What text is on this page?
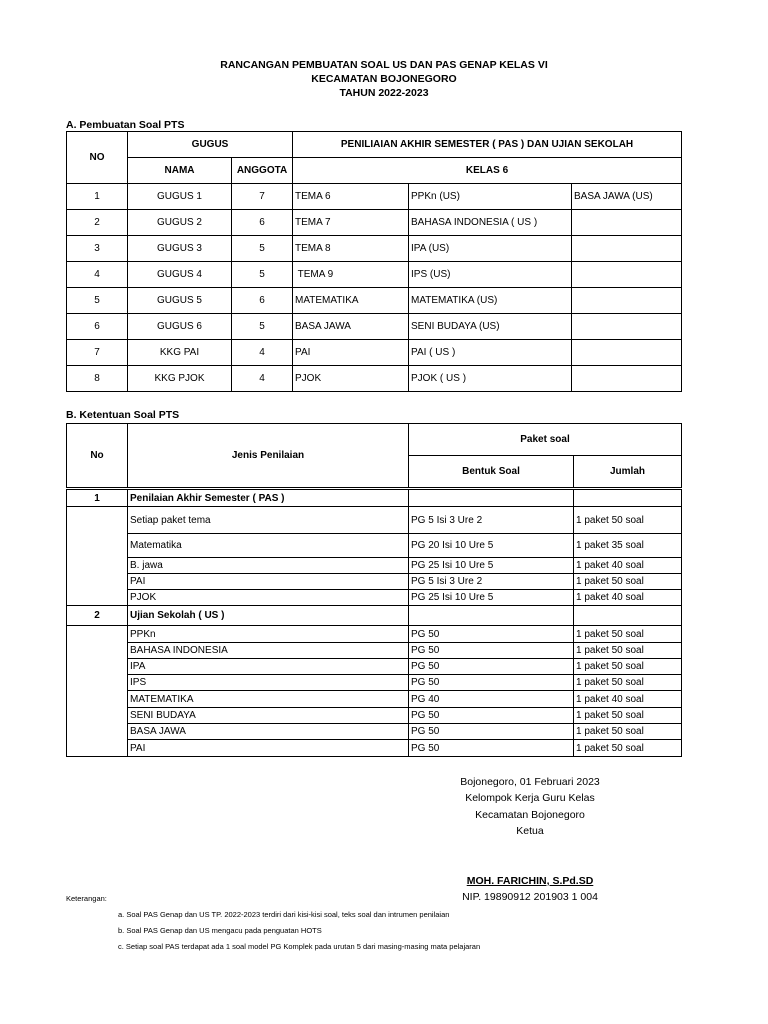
RANCANGAN PEMBUATAN SOAL US DAN PAS GENAP KELAS VI
KECAMATAN BOJONEGORO
TAHUN 2022-2023
A. Pembuatan Soal PTS
NO	GUGUS		PENILIAIAN AKHIR SEMESTER ( PAS ) DAN UJIAN SEKOLAH		
	NAMA	ANGGOTA	KELAS 6		
1	GUGUS 1	7	TEMA 6	PPKn (US)	BASA JAWA (US)
2	GUGUS 2	6	TEMA 7	BAHASA INDONESIA ( US )	
3	GUGUS 3	5	TEMA 8	IPA (US)	
4	GUGUS 4	5	TEMA 9	IPS (US)	
5	GUGUS 5	6	MATEMATIKA	MATEMATIKA (US)	
6	GUGUS 6	5	BASA JAWA	SENI BUDAYA (US)	
7	KKG PAI	4	PAI	PAI ( US )	
8	KKG PJOK	4	PJOK	PJOK ( US )	
B. Ketentuan Soal PTS
No	Jenis Penilaian	Paket soal	
		Bentuk Soal	Jumlah

1	Penilaian Akhir Semester ( PAS )		
	Setiap paket tema	PG 5 Isi 3 Ure 2	1 paket 50 soal
	Matematika	PG 20 Isi 10 Ure 5	1 paket 35 soal
	B. jawa	PG 25 Isi 10 Ure 5	1 paket 40 soal
	PAI	PG 5 Isi 3 Ure 2	1 paket 50 soal
	PJOK	PG 25 Isi 10 Ure 5	1 paket 40 soal
2	Ujian Sekolah ( US )		
	PPKn	PG 50	1 paket 50 soal
	BAHASA INDONESIA	PG 50	1 paket 50 soal
	IPA	PG 50	1 paket 50 soal
	IPS	PG 50	1 paket 50 soal
	MATEMATIKA	PG 40	1 paket 40 soal
	SENI BUDAYA	PG 50	1 paket 50 soal
	BASA JAWA	PG 50	1 paket 50 soal
	PAI	PG 50	1 paket 50 soal
Bojonegoro, 01 Februari 2023
Kelompok Kerja Guru Kelas
Kecamatan Bojonegoro
Ketua
MOH. FARICHIN, S.Pd.SD
NIP. 19890912 201903 1 004
Keterangan:
a. Soal PAS Genap dan US TP. 2022-2023 terdiri dari kisi-kisi soal, teks soal dan intrumen penilaian
b. Soal PAS Genap dan US mengacu pada penguatan HOTS
c. Setiap soal PAS terdapat ada 1 soal model PG Komplek pada urutan 5 dari masing-masing mata pelajaran
